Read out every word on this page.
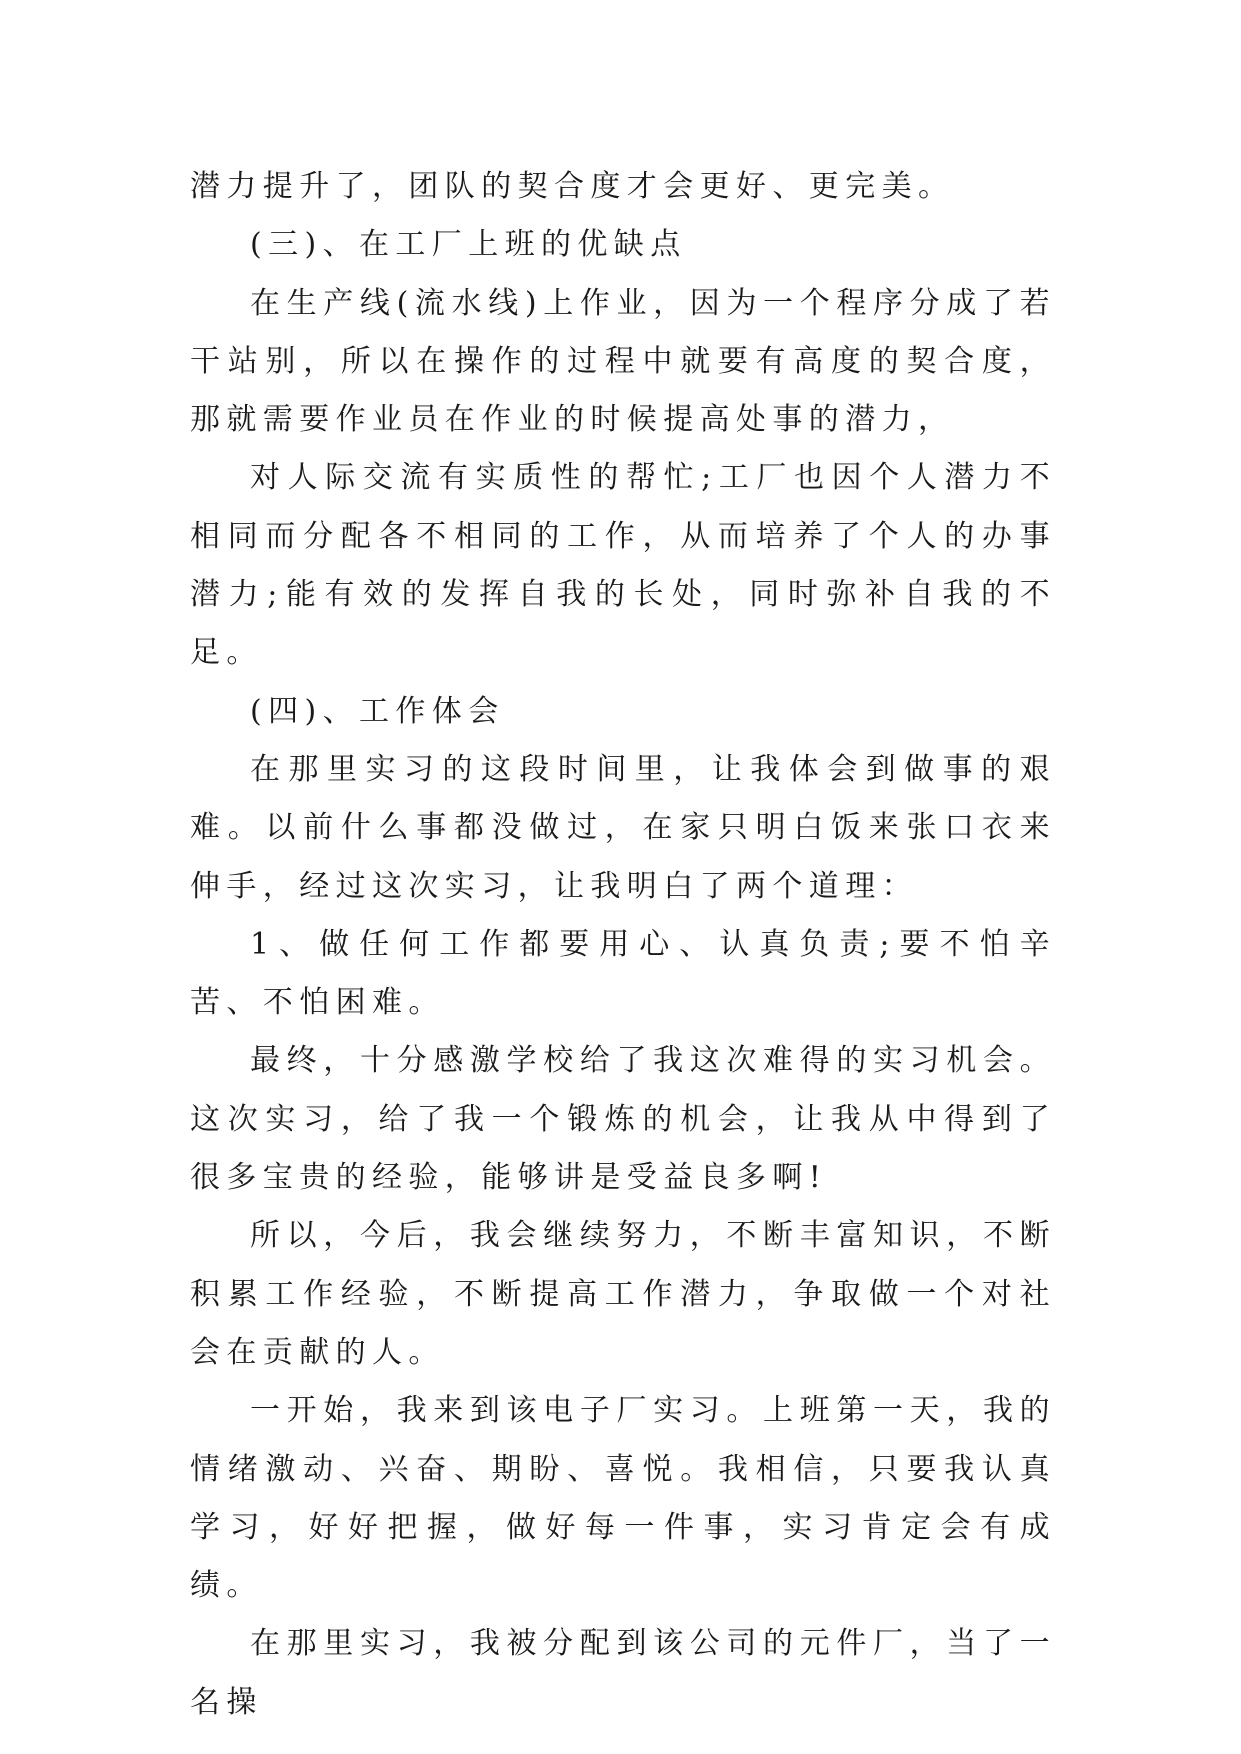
潜力提升了，团队的契合度才会更好、更完美。

(三)、在工厂上班的优缺点

在生产线(流水线)上作业，因为一个程序分成了若干站别，所以在操作的过程中就要有高度的契合度，那就需要作业员在作业的时候提高处事的潜力，

对人际交流有实质性的帮忙;工厂也因个人潜力不相同而分配各不相同的工作，从而培养了个人的办事潜力;能有效的发挥自我的长处，同时弥补自我的不足。

(四)、工作体会

在那里实习的这段时间里，让我体会到做事的艰难。以前什么事都没做过，在家只明白饭来张口衣来伸手，经过这次实习，让我明白了两个道理：

1、做任何工作都要用心、认真负责;要不怕辛苦、不怕困难。

最终，十分感激学校给了我这次难得的实习机会。这次实习，给了我一个锻炼的机会，让我从中得到了很多宝贵的经验，能够讲是受益良多啊!

所以，今后，我会继续努力，不断丰富知识，不断积累工作经验，不断提高工作潜力，争取做一个对社会在贡献的人。

一开始，我来到该电子厂实习。上班第一天，我的情绪激动、兴奋、期盼、喜悦。我相信，只要我认真学习，好好把握，做好每一件事，实习肯定会有成绩。

在那里实习，我被分配到该公司的元件厂，当了一名操
